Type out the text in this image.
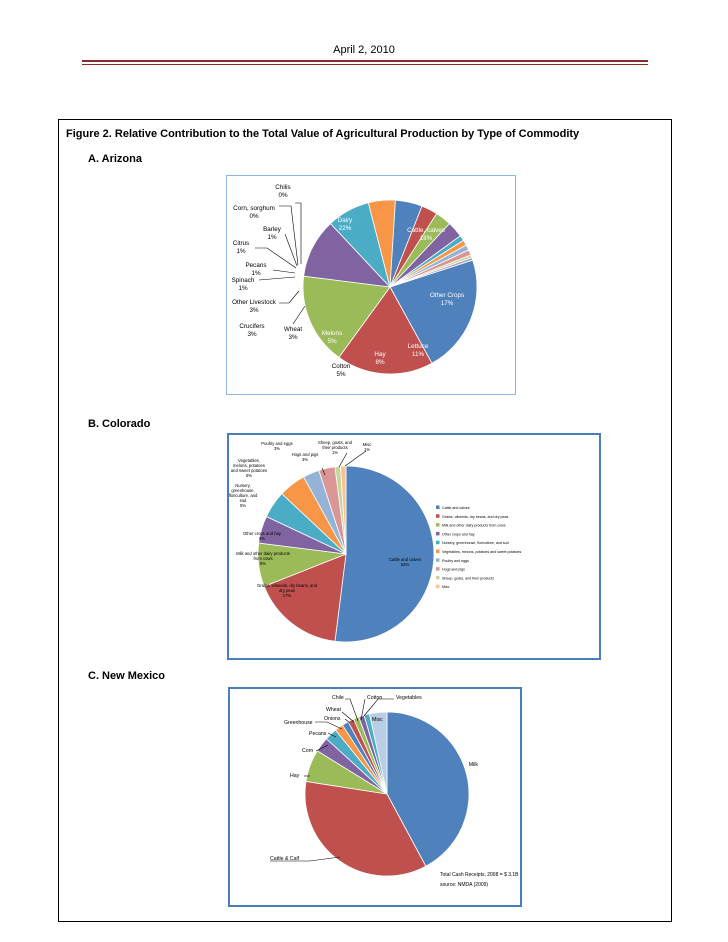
April 2, 2010
Figure 2. Relative Contribution to the Total Value of Agricultural Production by Type of Commodity
A. Arizona
B. Colorado
C. New Mexico
Dairy 22%	Cattle, calves 18%
Other Crops 17%
Lettuce 11%
Hay 8%
Cotton 5%
Melons 5%
Wheat 3%
Crucifers 3%
Other Livestock 3%
Spinach 1%
Pecans 1%
Citrus 1%
Barley 1%
Corn, sorghum 0%
Chilis 0%
Cattle and calves 52%
Grains, oilseeds, dry beans, and dry peas 17%
Milk and other dairy products from cows 8%
Other crops and hay 5%
Nursery, greenhouse, floriculture, and sod 5%
Vegetables, melons, potatoes and sweet potatoes 5%
Poultry and eggs 3%
Hogs and pigs 3%
Sheep, goats, and their products 1%
Misc 1%
Cattle and calves
Grains, oilseeds, dry beans, and dry peas
Milk and other dairy products from cows
Other crops and hay
Nursery, greenhouse, floriculture, and sod
Vegetables, melons, potatoes and sweet potatoes
Poultry and eggs
Hogs and pigs
Sheep, goats, and their products
Misc
Milk
Cattle & Calf
Hay
Corn
Pecans
Greenhouse
Onions
Wheat
Chile	Cotton	Vegetables
Misc
Total Cash Receipts, 2008 = $ 3.1B
source: NMDA (2009)
